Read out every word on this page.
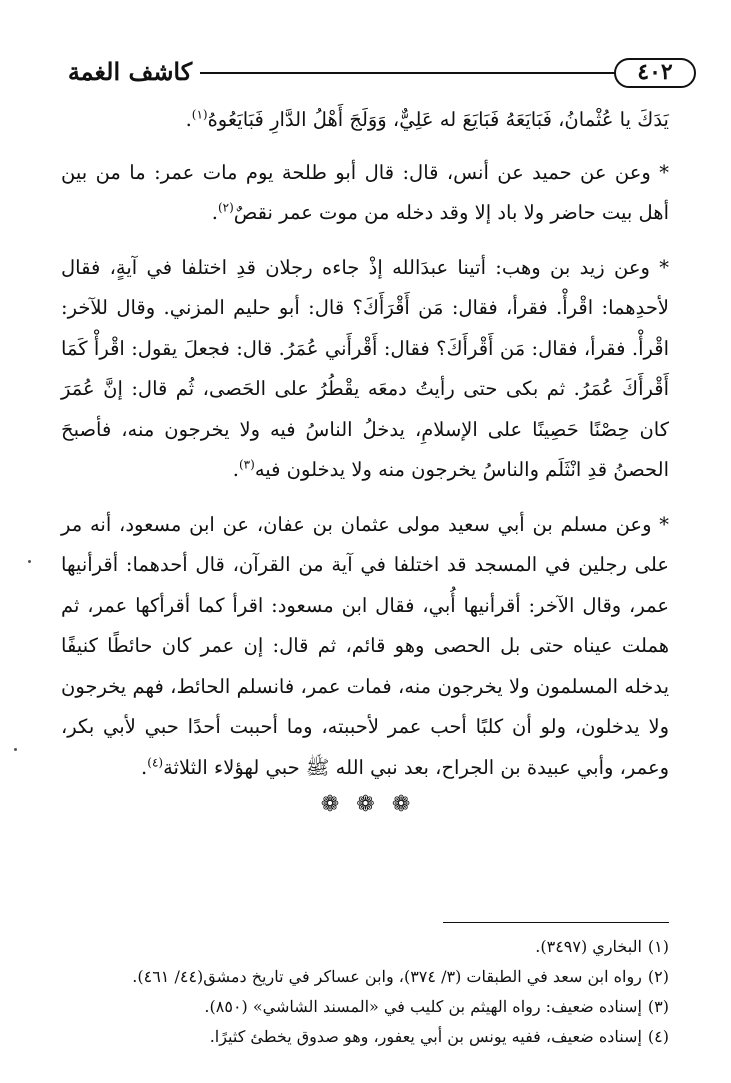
٤٠٢
كاشف الغمة

يَدَكَ يا عُثْمانُ، فَبَايَعَهُ فَبَايَعَ له عَلِيٌّ، وَوَلَجَ أَهْلُ الدَّارِ فَبَايَعُوهُ$^{(١)}$.

* وعن عن حميد عن أنس، قال: قال أبو طلحة يوم مات عمر: ما من بين أهل بيت حاضر ولا باد إلا وقد دخله من موت عمر نقصٌ$^{(٢)}$.

* وعن زيد بن وهب: أتينا عبدَالله إذْ جاءه رجلان قدِ اختلفا في آيةٍ، فقال لأحدِهما: اقْرأْ. فقرأ، فقال: مَن أَقْرَأَكَ؟ قال: أبو حليم المزني. وقال للآخر: اقْرأْ. فقرأ، فقال: مَن أَقْرأَكَ؟ فقال: أَقْرأَني عُمَرُ. قال: فجعلَ يقول: اقْرأْ كَمَا أَقْرأَكَ عُمَرُ. ثم بكى حتى رأيتُ دمعَه يقْطُرُ على الحَصى، ثُم قال: إنَّ عُمَرَ كان حِصْنًا حَصِينًا على الإسلامِ، يدخلُ الناسُ فيه ولا يخرجون منه، فأصبحَ الحصنُ قدِ انْثَلَم والناسُ يخرجون منه ولا يدخلون فيه$^{(٣)}$.

* وعن مسلم بن أبي سعيد مولى عثمان بن عفان، عن ابن مسعود، أنه مر على رجلين في المسجد قد اختلفا في آية من القرآن، قال أحدهما: أقرأنيها عمر، وقال الآخر: أقرأنيها أُبي، فقال ابن مسعود: اقرأ كما أقرأكها عمر، ثم هملت عيناه حتى بل الحصى وهو قائم، ثم قال: إن عمر كان حائطًا كنيفًا يدخله المسلمون ولا يخرجون منه، فمات عمر، فانسلم الحائط، فهم يخرجون ولا يدخلون، ولو أن كلبًا أحب عمر لأحببته، وما أحببت أحدًا حبي لأبي بكر، وعمر، وأبي عبيدة بن الجراح، بعد نبي الله ﷺ حبي لهؤلاء الثلاثة$^{(٤)}$.

❁ ❁ ❁

(١)البخاري (٣٤٩٧).

(٢)رواه ابن سعد في الطبقات (٣/ ٣٧٤)، وابن عساكر في تاريخ دمشق(٤٤/ ٤٦١).

(٣)إسناده ضعيف: رواه الهيثم بن كليب في «المسند الشاشي» (٨٥٠).

(٤)إسناده ضعيف، ففيه يونس بن أبي يعفور، وهو صدوق يخطئ كثيرًا.
